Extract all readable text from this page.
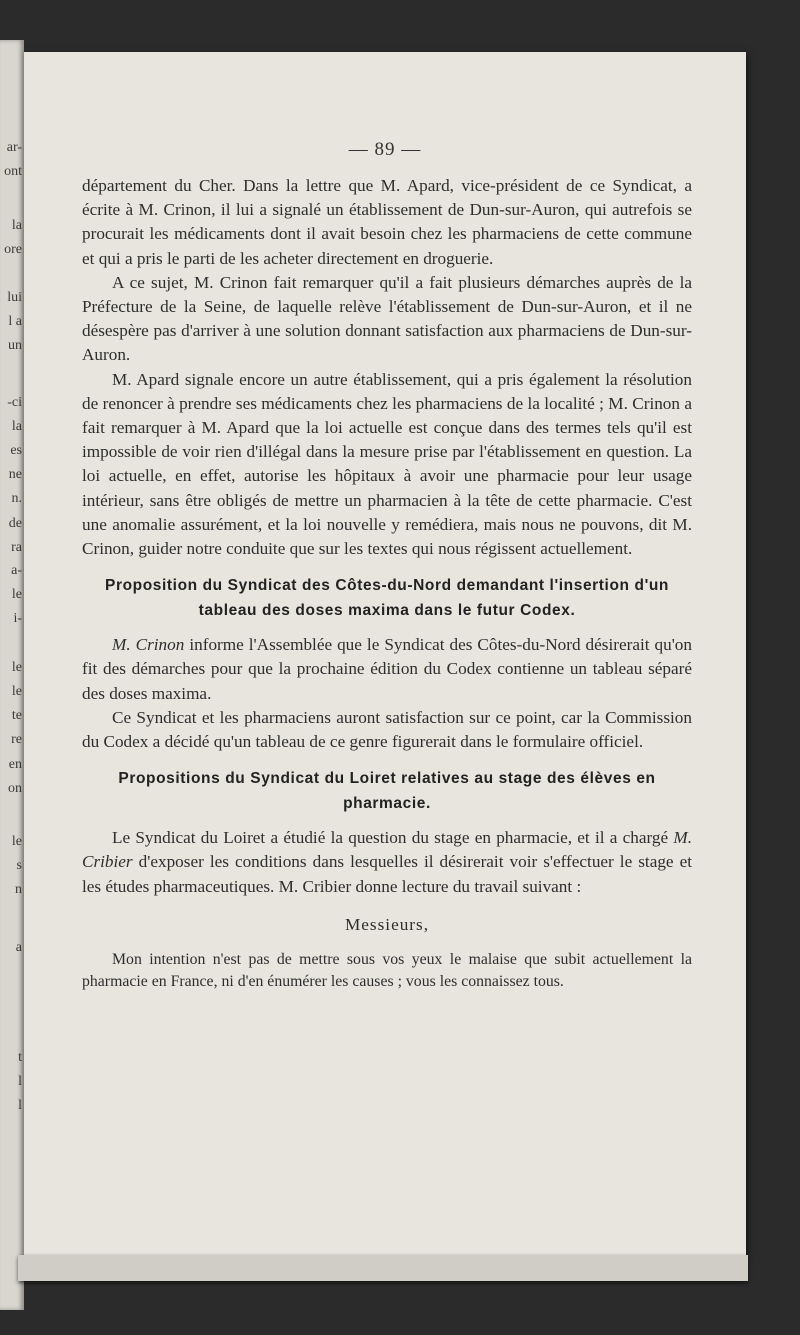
ar-
ont
la
ore
lui
l a
un
-ci
la
es
ne
n.
de
ra
a-
le
i-
le
le
te
re
en
on
le
s
n
a
t
l
l
— 89 —

département du Cher. Dans la lettre que M. Apard, vice-président de ce Syndicat, a écrite à M. Crinon, il lui a signalé un établissement de Dun-sur-Auron, qui autrefois se procurait les médicaments dont il avait besoin chez les pharmaciens de cette commune et qui a pris le parti de les acheter directement en droguerie.

A ce sujet, M. Crinon fait remarquer qu'il a fait plusieurs démarches auprès de la Préfecture de la Seine, de laquelle relève l'établissement de Dun-sur-Auron, et il ne désespère pas d'arriver à une solution donnant satisfaction aux pharmaciens de Dun-sur-Auron.

M. Apard signale encore un autre établissement, qui a pris également la résolution de renoncer à prendre ses médicaments chez les pharmaciens de la localité ; M. Crinon a fait remarquer à M. Apard que la loi actuelle est conçue dans des termes tels qu'il est impossible de voir rien d'illégal dans la mesure prise par l'établissement en question. La loi actuelle, en effet, autorise les hôpitaux à avoir une pharmacie pour leur usage intérieur, sans être obligés de mettre un pharmacien à la tête de cette pharmacie. C'est une anomalie assurément, et la loi nouvelle y remédiera, mais nous ne pouvons, dit M. Crinon, guider notre conduite que sur les textes qui nous régissent actuellement.

Proposition du Syndicat des Côtes-du-Nord demandant l'insertion d'un tableau des doses maxima dans le futur Codex.

M. Crinon informe l'Assemblée que le Syndicat des Côtes-du-Nord désirerait qu'on fit des démarches pour que la prochaine édition du Codex contienne un tableau séparé des doses maxima.

Ce Syndicat et les pharmaciens auront satisfaction sur ce point, car la Commission du Codex a décidé qu'un tableau de ce genre figurerait dans le formulaire officiel.

Propositions du Syndicat du Loiret relatives au stage des élèves en pharmacie.

Le Syndicat du Loiret a étudié la question du stage en pharmacie, et il a chargé M. Cribier d'exposer les conditions dans lesquelles il désirerait voir s'effectuer le stage et les études pharmaceutiques. M. Cribier donne lecture du travail suivant :

Messieurs,

Mon intention n'est pas de mettre sous vos yeux le malaise que subit actuellement la pharmacie en France, ni d'en énumérer les causes ; vous les connaissez tous.
